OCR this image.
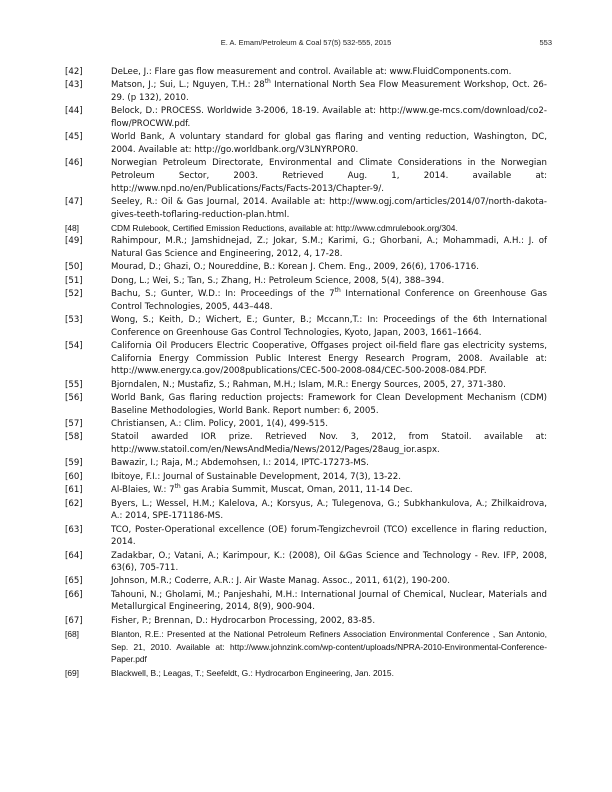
E. A. Emam/Petroleum & Coal 57(5) 532-555, 2015	553
[42]	DeLee, J.: Flare gas flow measurement and control. Available at: www.FluidComponents.com.
[43]	Matson, J.; Sui, L.; Nguyen, T.H.: 28th International North Sea Flow Measurement Workshop, Oct. 26-29. (p 132), 2010.
[44]	Belock, D.: PROCESS. Worldwide 3-2006, 18-19. Available at: http://www.ge-mcs.com/download/co2-flow/PROCWW.pdf.
[45]	World Bank, A voluntary standard for global gas flaring and venting reduction, Washington, DC, 2004. Available at: http://go.worldbank.org/V3LNYRPOR0.
[46]	Norwegian Petroleum Directorate, Environmental and Climate Considerations in the Norwegian Petroleum Sector, 2003. Retrieved Aug. 1, 2014. available at: http://www.npd.no/en/Publications/Facts/Facts-2013/Chapter-9/.
[47]	Seeley, R.: Oil & Gas Journal, 2014. Available at: http://www.ogj.com/articles/2014/07/north-dakota-gives-teeth-toflaring-reduction-plan.html.
[48]	CDM Rulebook, Certified Emission Reductions, available at: http://www.cdmrulebook.org/304.
[49]	Rahimpour, M.R.; Jamshidnejad, Z.; Jokar, S.M.; Karimi, G.; Ghorbani, A.; Mohammadi, A.H.: J. of Natural Gas Science and Engineering, 2012, 4, 17-28.
[50]	Mourad, D.; Ghazi, O.; Noureddine, B.: Korean J. Chem. Eng., 2009, 26(6), 1706-1716.
[51]	Dong, L.; Wei, S.; Tan, S.; Zhang, H.: Petroleum Science, 2008, 5(4), 388–394.
[52]	Bachu, S.; Gunter, W.D.: In: Proceedings of the 7th International Conference on Greenhouse Gas Control Technologies, 2005, 443–448.
[53]	Wong, S.; Keith, D.; Wichert, E.; Gunter, B.; Mccann,T.: In: Proceedings of the 6th International Conference on Greenhouse Gas Control Technologies, Kyoto, Japan, 2003, 1661–1664.
[54]	California Oil Producers Electric Cooperative, Offgases project oil-field flare gas electricity systems, California Energy Commission Public Interest Energy Research Program, 2008. Available at: http://www.energy.ca.gov/2008publications/CEC-500-2008-084/CEC-500-2008-084.PDF.
[55]	Bjorndalen, N.; Mustafiz, S.; Rahman, M.H.; Islam, M.R.: Energy Sources, 2005, 27, 371-380.
[56]	World Bank, Gas flaring reduction projects: Framework for Clean Development Mechanism (CDM) Baseline Methodologies, World Bank. Report number: 6, 2005.
[57]	Christiansen, A.: Clim. Policy, 2001, 1(4), 499-515.
[58]	Statoil awarded IOR prize. Retrieved Nov. 3, 2012, from Statoil. available at: http://www.statoil.com/en/NewsAndMedia/News/2012/Pages/28aug_ior.aspx.
[59]	Bawazir, I.; Raja, M.; Abdemohsen, I.: 2014, IPTC-17273-MS.
[60]	Ibitoye, F.I.: Journal of Sustainable Development, 2014, 7(3), 13-22.
[61]	Al-Blaies, W.: 7th gas Arabia Summit, Muscat, Oman, 2011, 11-14 Dec.
[62]	Byers, L.; Wessel, H.M.; Kalelova, A.; Korsyus, A.; Tulegenova, G.; Subkhankulova, A.; Zhilkaidrova, A.: 2014, SPE-171186-MS.
[63]	TCO, Poster-Operational excellence (OE) forum-Tengizchevroil (TCO) excellence in flaring reduction, 2014.
[64]	Zadakbar, O.; Vatani, A.; Karimpour, K.: (2008), Oil &Gas Science and Technology - Rev. IFP, 2008, 63(6), 705-711.
[65]	Johnson, M.R.; Coderre, A.R.: J. Air Waste Manag. Assoc., 2011, 61(2), 190-200.
[66]	Tahouni, N.; Gholami, M.; Panjeshahi, M.H.: International Journal of Chemical, Nuclear, Materials and Metallurgical Engineering, 2014, 8(9), 900-904.
[67]	Fisher, P.; Brennan, D.: Hydrocarbon Processing, 2002, 83-85.
[68]	Blanton, R.E.: Presented at the National Petroleum Refiners Association Environmental Conference , San Antonio, Sep. 21, 2010. Available at: http://www.johnzink.com/wp-content/uploads/NPRA-2010-Environmental-Conference- Paper.pdf
[69]	Blackwell, B.; Leagas, T.; Seefeldt, G.: Hydrocarbon Engineering, Jan. 2015.
